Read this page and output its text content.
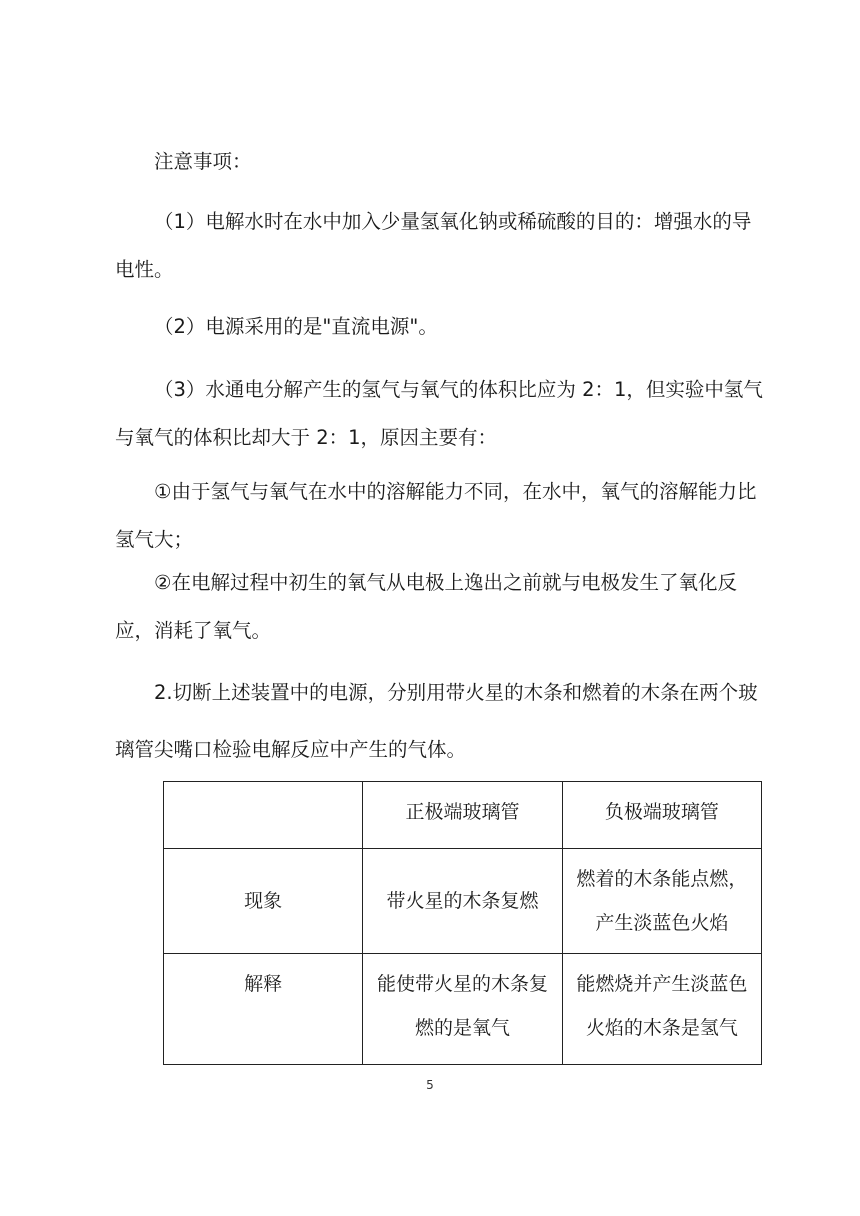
注意事项：

（1）电解水时在水中加入少量氢氧化钠或稀硫酸的目的：增强水的导电性。

（2）电源采用的是"直流电源"。

（3）水通电分解产生的氢气与氧气的体积比应为 2：1，但实验中氢气与氧气的体积比却大于 2：1，原因主要有：

①由于氢气与氧气在水中的溶解能力不同，在水中，氧气的溶解能力比氢气大；

②在电解过程中初生的氧气从电极上逸出之前就与电极发生了氧化反应，消耗了氧气。

2.切断上述装置中的电源，分别用带火星的木条和燃着的木条在两个玻璃管尖嘴口检验电解反应中产生的气体。

	正极端玻璃管	负极端玻璃管
现象	带火星的木条复燃	燃着的木条能点燃，产生淡蓝色火焰
解释	能使带火星的木条复燃的是氧气	能燃烧并产生淡蓝色火焰的木条是氢气
5
